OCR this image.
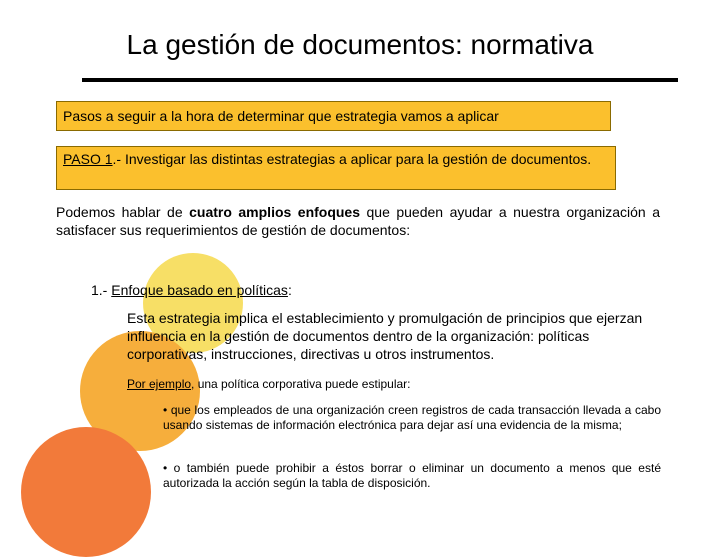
La gestión de documentos: normativa
Pasos a seguir a la hora de determinar que estrategia vamos a aplicar
PASO 1.- Investigar las distintas estrategias a aplicar para la gestión de documentos.
Podemos hablar de cuatro amplios enfoques que pueden ayudar a nuestra organización a satisfacer sus requerimientos de gestión de documentos:
1.- Enfoque basado en políticas:
Esta estrategia implica el establecimiento y promulgación de principios que ejerzan influencia en la gestión de documentos dentro de la organización: políticas corporativas, instrucciones, directivas u otros instrumentos.
Por ejemplo, una política corporativa puede estipular:
• que los empleados de una organización creen registros de cada transacción llevada a cabo usando sistemas de información electrónica para dejar así una evidencia de la misma;
• o también puede prohibir a éstos borrar o eliminar un documento a menos que esté autorizada la acción según la tabla de disposición.
